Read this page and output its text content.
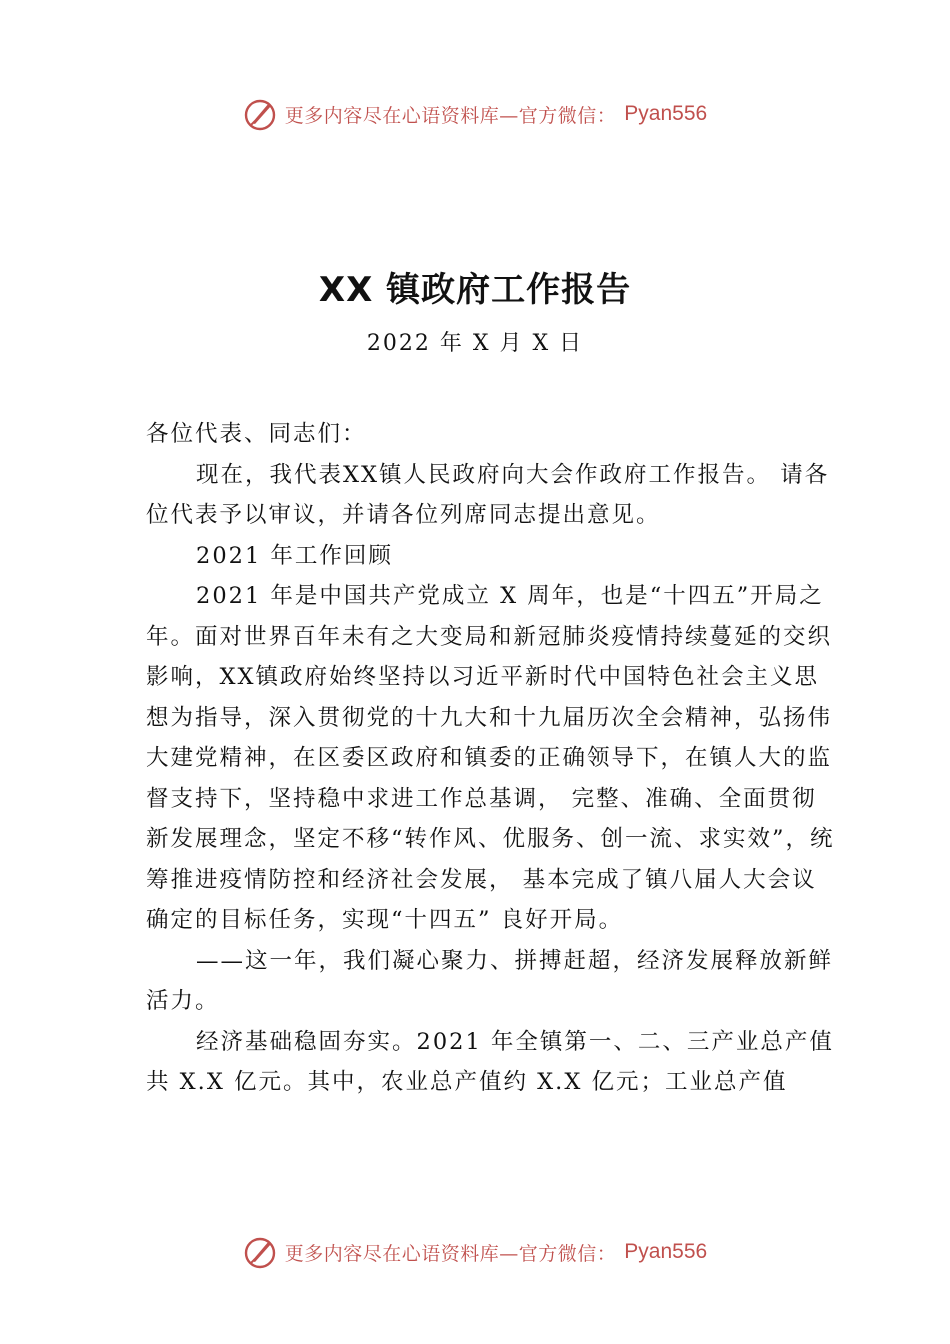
更多内容尽在心语资料库—官方微信： Pyan556
XX 镇政府工作报告
2022 年 X 月 X 日

各位代表、同志们：

现在，我代表XX镇人民政府向大会作政府工作报告。 请各位代表予以审议，并请各位列席同志提出意见。

2021 年工作回顾

2021 年是中国共产党成立 X 周年，也是“十四五”开局之年。面对世界百年未有之大变局和新冠肺炎疫情持续蔓延的交织影响，XX镇政府始终坚持以习近平新时代中国特色社会主义思想为指导，深入贯彻党的十九大和十九届历次全会精神，弘扬伟大建党精神，在区委区政府和镇委的正确领导下，在镇人大的监督支持下，坚持稳中求进工作总基调， 完整、准确、全面贯彻新发展理念，坚定不移“转作风、优服务、创一流、求实效”，统筹推进疫情防控和经济社会发展， 基本完成了镇八届人大会议确定的目标任务，实现“十四五” 良好开局。

——这一年，我们凝心聚力、拼搏赶超，经济发展释放新鲜活力。

经济基础稳固夯实。2021 年全镇第一、二、三产业总产值共 X.X 亿元。其中，农业总产值约 X.X 亿元；工业总产值

更多内容尽在心语资料库—官方微信： Pyan556
